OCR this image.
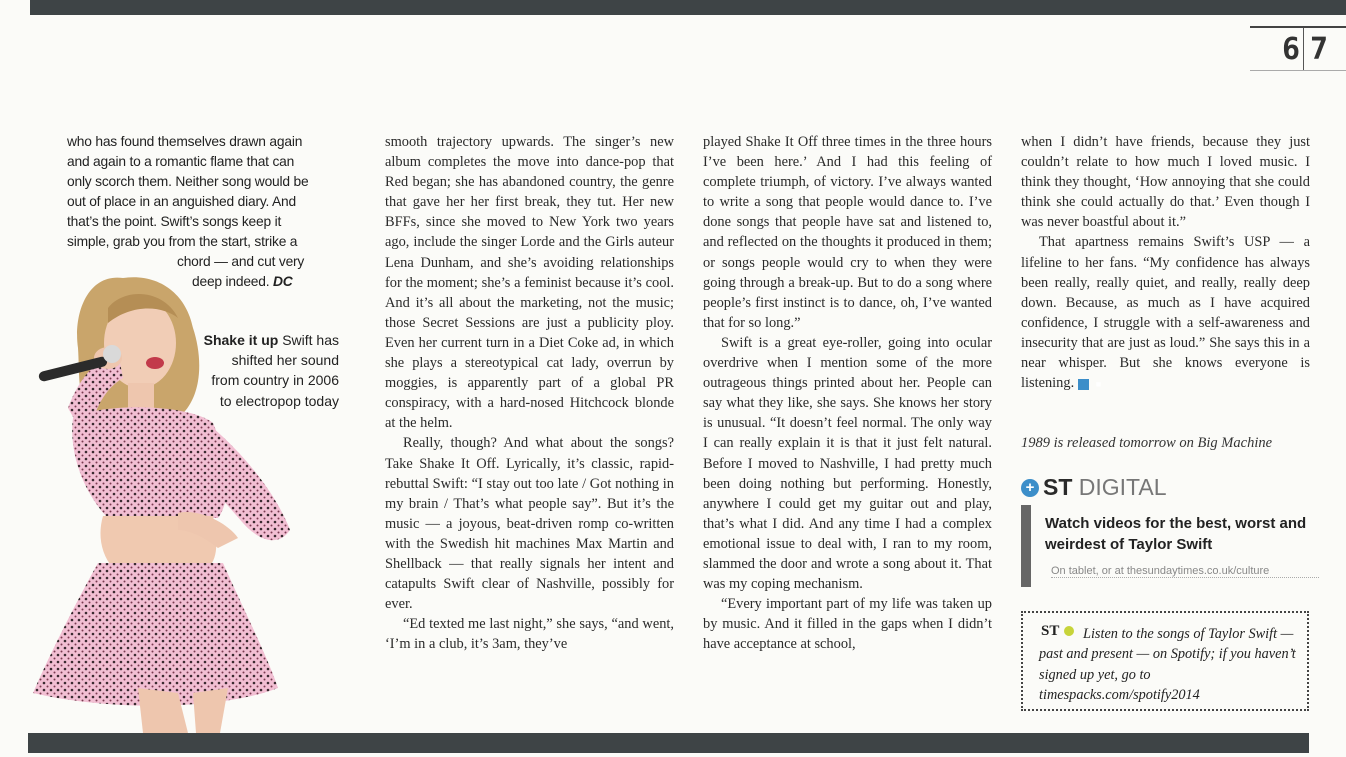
6 7
who has found themselves drawn again
and again to a romantic flame that can
only scorch them. Neither song would be
out of place in an anguished diary. And
that’s the point. Swift’s songs keep it
simple, grab you from the start, strike a
chord — and cut very
deep indeed. DC
Shake it up Swift has shifted her sound from country in 2006 to electropop today

smooth trajectory upwards. The singer’s new album completes the move into dance-pop that Red began; she has abandoned country, the genre that gave her her first break, they tut. Her new BFFs, since she moved to New York two years ago, include the singer Lorde and the Girls auteur Lena Dunham, and she’s avoiding relationships for the moment; she’s a feminist because it’s cool. And it’s all about the marketing, not the music; those Secret Sessions are just a publicity ploy. Even her current turn in a Diet Coke ad, in which she plays a stereotypical cat lady, overrun by moggies, is apparently part of a global PR conspiracy, with a hard-nosed Hitchcock blonde at the helm.

Really, though? And what about the songs? Take Shake It Off. Lyrically, it’s classic, rapid-rebuttal Swift: “I stay out too late / Got nothing in my brain / That’s what people say”. But it’s the music — a joyous, beat-driven romp co-written with the Swedish hit machines Max Martin and Shellback — that really signals her intent and catapults Swift clear of Nashville, possibly for ever.

“Ed texted me last night,” she says, “and went, ‘I’m in a club, it’s 3am, they’ve

played Shake It Off three times in the three hours I’ve been here.’ And I had this feeling of complete triumph, of victory. I’ve always wanted to write a song that people would dance to. I’ve done songs that people have sat and listened to, and reflected on the thoughts it produced in them; or songs people would cry to when they were going through a break-up. But to do a song where people’s first instinct is to dance, oh, I’ve wanted that for so long.”

Swift is a great eye-roller, going into ocular overdrive when I mention some of the more outrageous things printed about her. People can say what they like, she says. She knows her story is unusual. “It doesn’t feel normal. The only way I can really explain it is that it just felt natural. Before I moved to Nashville, I had pretty much been doing nothing but performing. Honestly, anywhere I could get my guitar out and play, that’s what I did. And any time I had a complex emotional issue to deal with, I ran to my room, slammed the door and wrote a song about it. That was my coping mechanism.

“Every important part of my life was taken up by music. And it filled in the gaps when I didn’t have acceptance at school,

when I didn’t have friends, because they just couldn’t relate to how much I loved music. I think they thought, ‘How annoying that she could think she could actually do that.’ Even though I was never boastful about it.”

That apartness remains Swift’s USP — a lifeline to her fans. “My confidence has always been really, really quiet, and really, really deep down. Because, as much as I have acquired confidence, I struggle with a self-awareness and insecurity that are just as loud.” She says this in a near whisper. But she knows everyone is listening. ■

1989 is released tomorrow on Big Machine
+ ST DIGITAL
Watch videos for the best, worst and weirdest of Taylor Swift
On tablet, or at thesundaytimes.co.uk/culture
ST	Listen to the songs of Taylor Swift — past and present — on Spotify; if you haven’t signed up yet, go to timespacks.com/spotify2014
